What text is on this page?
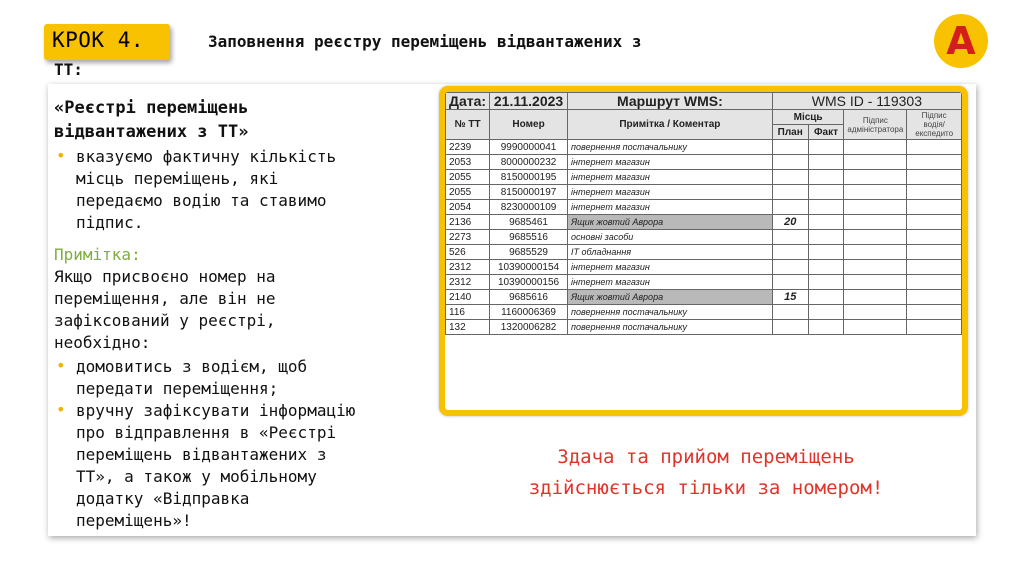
КРОК 4.	Заповнення реєстру переміщень відвантажених з
ТТ:
A
«Реєстрі переміщень
відвантажених з ТТ»
• вказуємо фактичну кількість
місць переміщень, які
передаємо водію та ставимо
підпис.
Примітка:
Якщо присвоєно номер на
переміщення, але він не
зафіксований у реєстрі,
необхідно:
• домовитись з водієм, щоб
передати переміщення;
• вручну зафіксувати інформацію
про відправлення в «Реєстрі
переміщень відвантажених з
ТТ», а також у мобільному
додатку «Відправка
переміщень»!
Дата:	21.11.2023	Маршрут WMS:	WMS ID - 119303			
№ ТТ	Номер	Примітка / Коментар	Місць		Підпис адміністратора	Підпис водія/експедито
			План	Факт		
2239	9990000041	повернення постачальнику				
2053	8000000232	інтернет магазин				
2055	8150000195	інтернет магазин				
2055	8150000197	інтернет магазин				
2054	8230000109	інтернет магазин				
2136	9685461	Ящик жовтий Аврора	20			
2273	9685516	основні засоби				
526	9685529	IT обладнання				
2312	10390000154	інтернет магазин				
2312	10390000156	інтернет магазин				
2140	9685616	Ящик жовтий Аврора	15			
116	1160006369	повернення постачальнику				
132	1320006282	повернення постачальнику				
Здача та прийом переміщень
здійснюється тільки за номером!
